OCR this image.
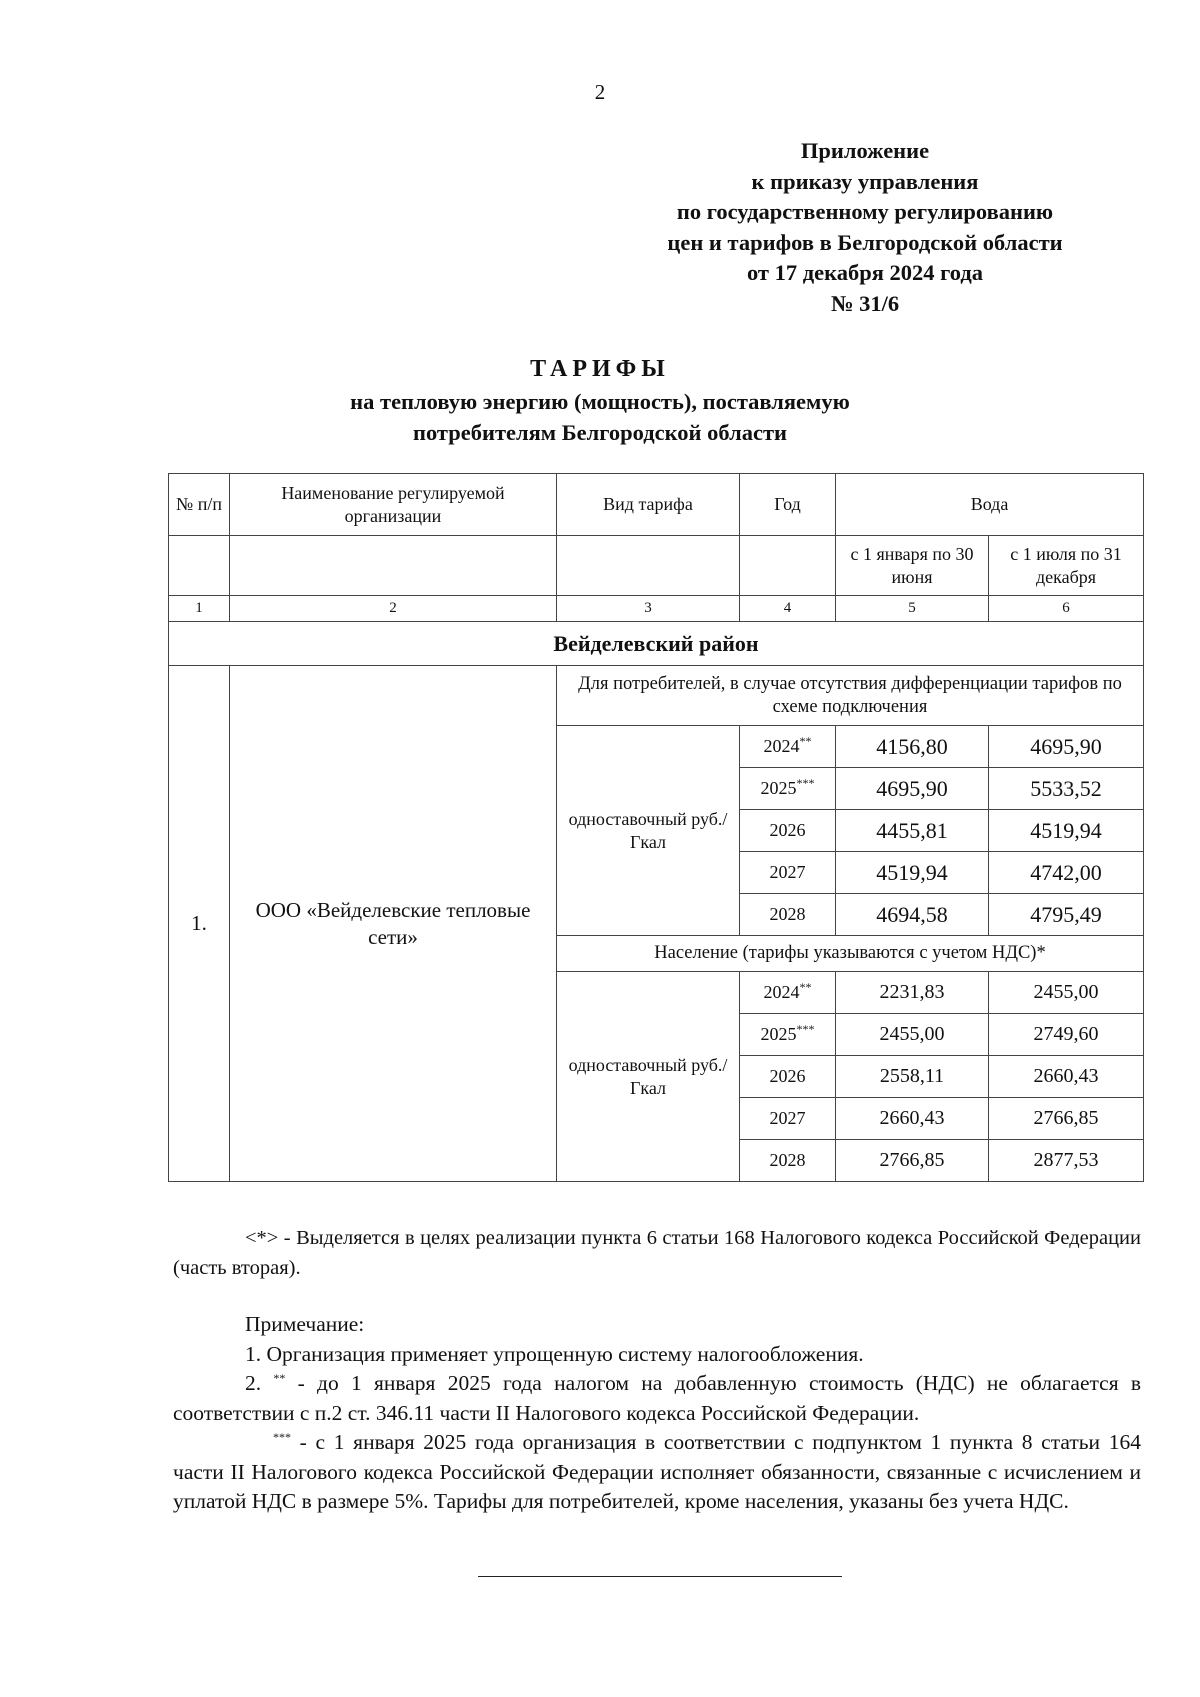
2
Приложение
к приказу управления
по государственному регулированию
цен и тарифов в Белгородской области
от 17 декабря 2024 года
№ 31/6
ТАРИФЫ
на тепловую энергию (мощность), поставляемую
потребителям Белгородской области
№ п/п	Наименование регулируемой организации	Вид тарифа	Год	Вода	
				с 1 января по 30 июня	с 1 июля по 31 декабря
1	2	3	4	5	6
Вейделевский район					
1.	ООО «Вейделевские тепловые сети»	Для потребителей, в случае отсутствия дифференциации тарифов по схеме подключения			
		одноставочный руб./Гкал	2024**	4156,80	4695,90
			2025***	4695,90	5533,52
			2026	4455,81	4519,94
			2027	4519,94	4742,00
			2028	4694,58	4795,49
		Население (тарифы указываются с учетом НДС)*			
		одноставочный руб./Гкал	2024**	2231,83	2455,00
			2025***	2455,00	2749,60
			2026	2558,11	2660,43
			2027	2660,43	2766,85
			2028	2766,85	2877,53
<*> - Выделяется в целях реализации пункта 6 статьи 168 Налогового кодекса Российской Федерации (часть вторая).

Примечание:

1. Организация применяет упрощенную систему налогообложения.

2. ** - до 1 января 2025 года налогом на добавленную стоимость (НДС) не облагается в соответствии с п.2 ст. 346.11 части II Налогового кодекса Российской Федерации.

*** - с 1 января 2025 года организация в соответствии с подпунктом 1 пункта 8 статьи 164 части II Налогового кодекса Российской Федерации исполняет обязанности, связанные с исчислением и уплатой НДС в размере 5%. Тарифы для потребителей, кроме населения, указаны без учета НДС.
